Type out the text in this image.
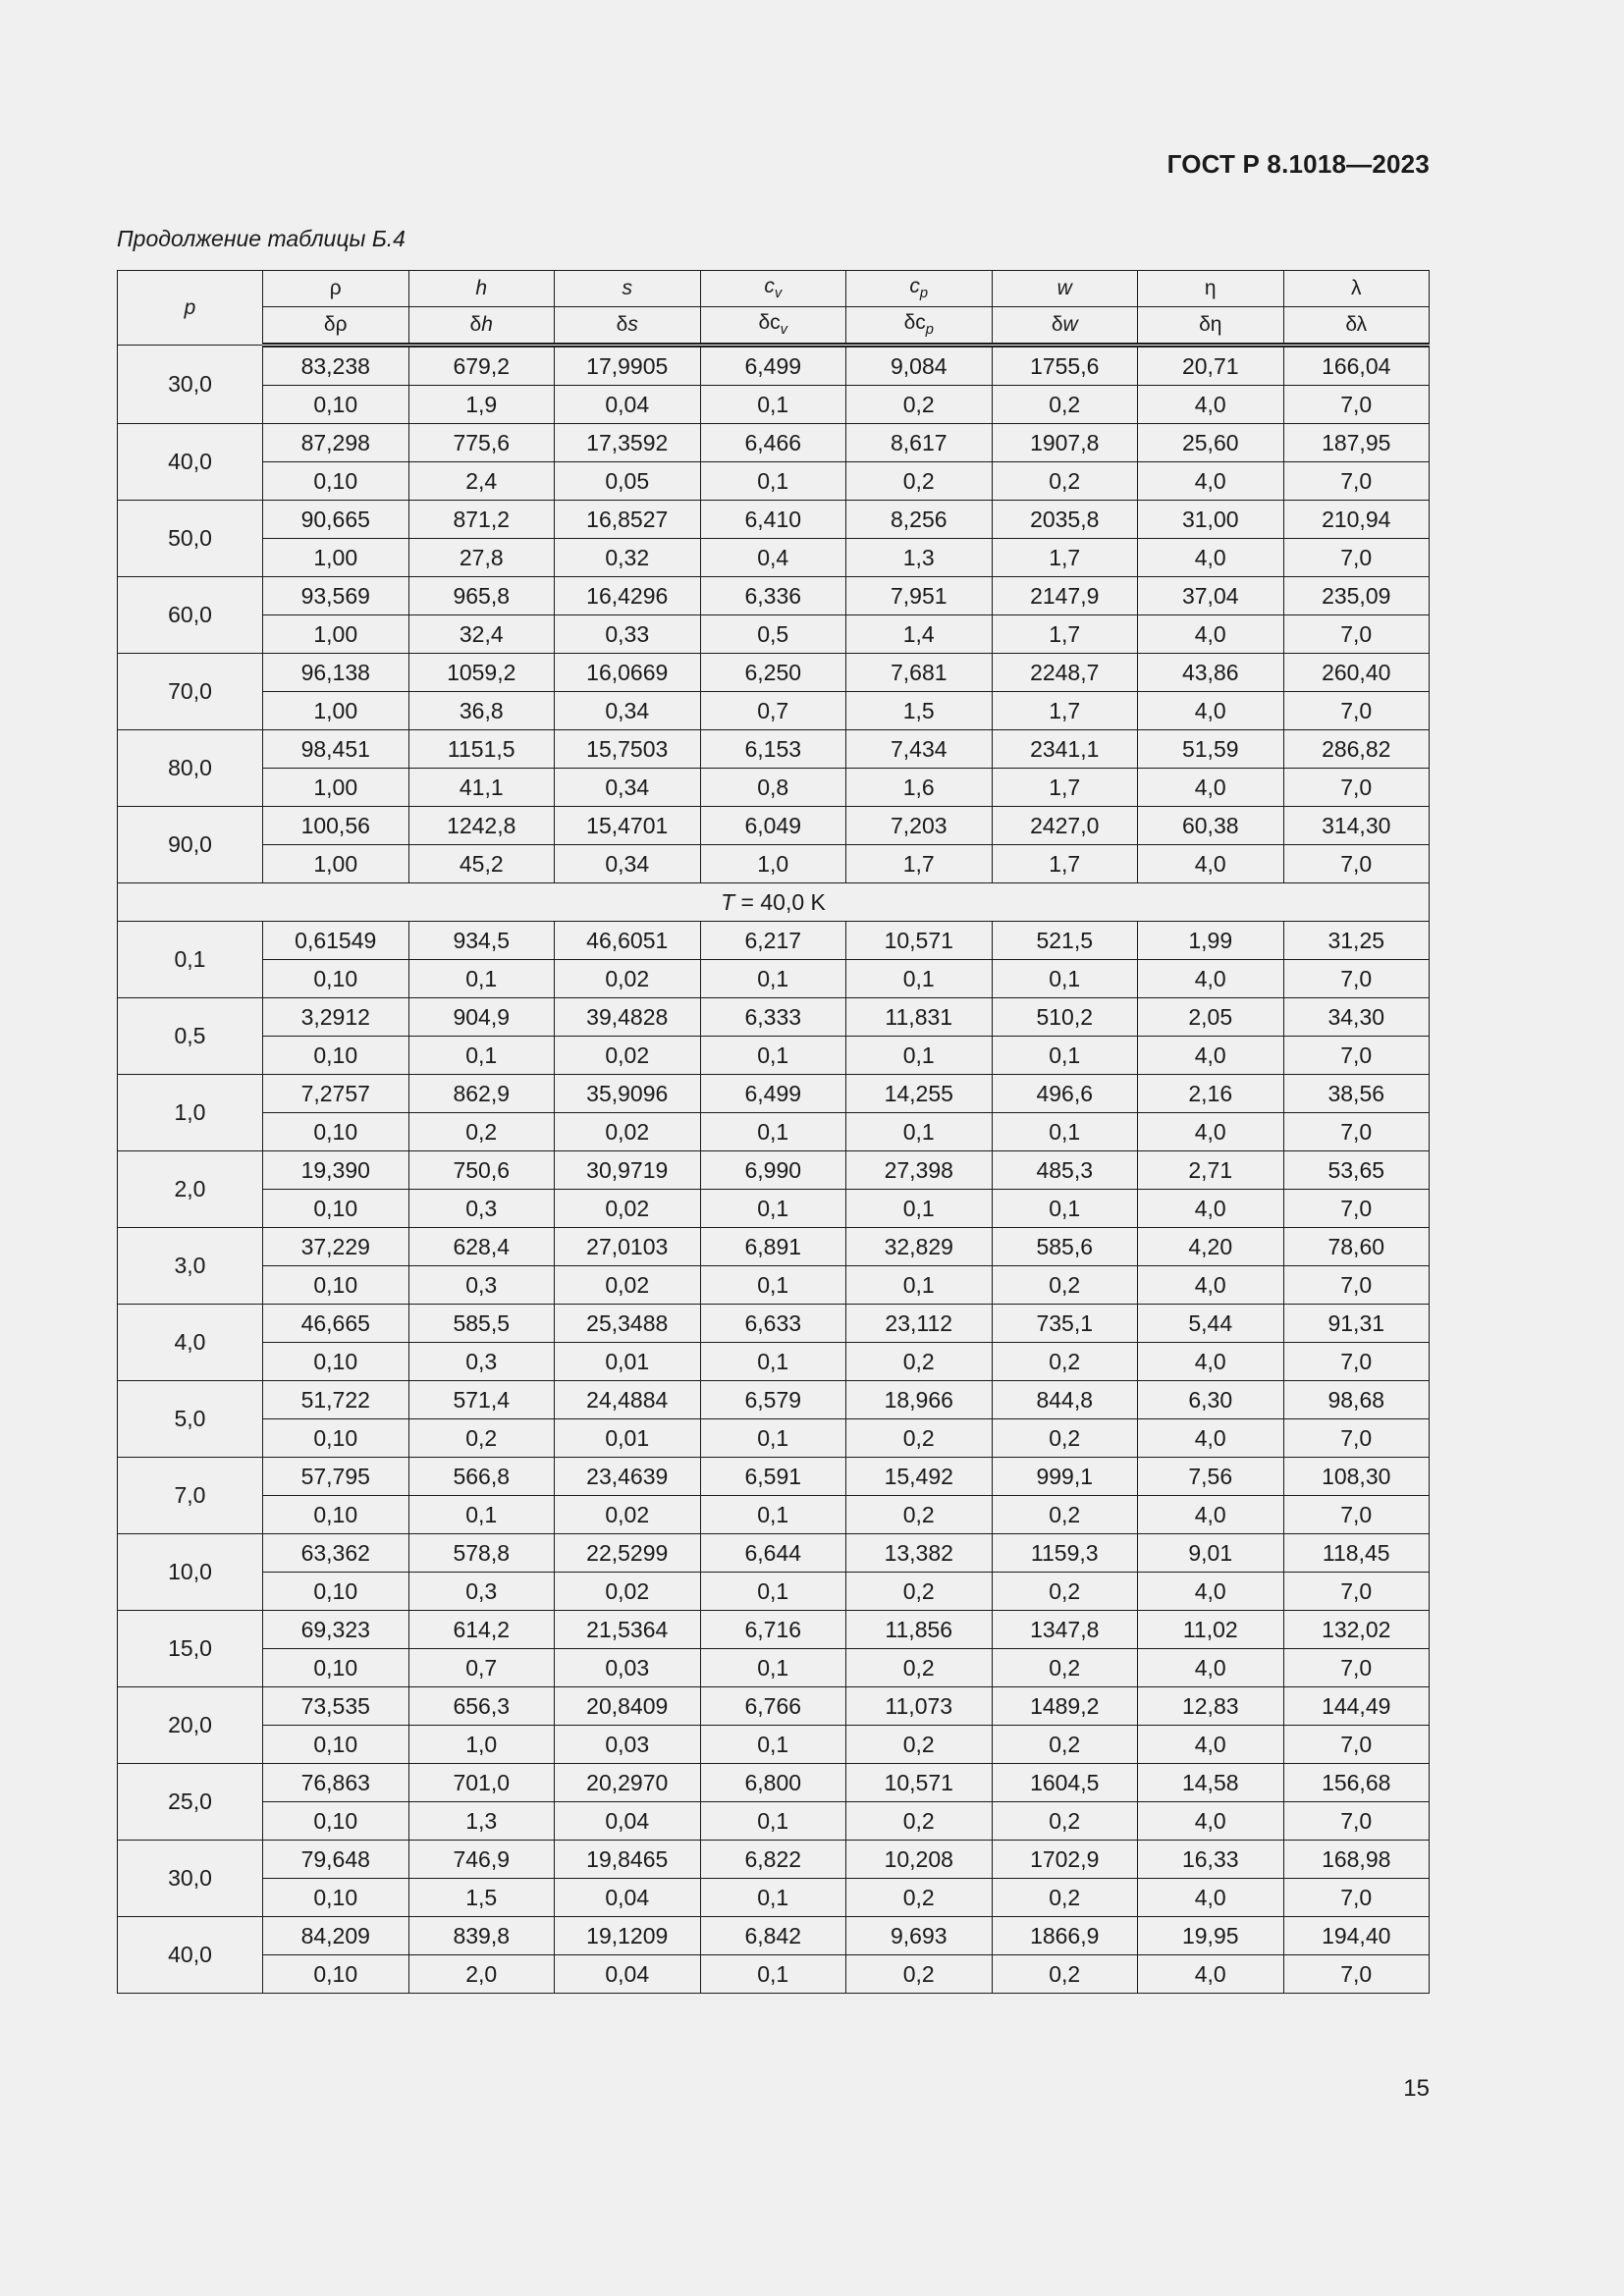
ГОСТ Р 8.1018—2023
Продолжение таблицы Б.4
p	ρ	h	s	$c_v$	$c_p$	w	η	λ
	δρ	δh	δs	$\delta c_v$	$\delta c_p$	δw	δη	δλ
30,0	83,238	679,2	17,9905	6,499	9,084	1755,6	20,71	166,04
	0,10	1,9	0,04	0,1	0,2	0,2	4,0	7,0
40,0	87,298	775,6	17,3592	6,466	8,617	1907,8	25,60	187,95
	0,10	2,4	0,05	0,1	0,2	0,2	4,0	7,0
50,0	90,665	871,2	16,8527	6,410	8,256	2035,8	31,00	210,94
	1,00	27,8	0,32	0,4	1,3	1,7	4,0	7,0
60,0	93,569	965,8	16,4296	6,336	7,951	2147,9	37,04	235,09
	1,00	32,4	0,33	0,5	1,4	1,7	4,0	7,0
70,0	96,138	1059,2	16,0669	6,250	7,681	2248,7	43,86	260,40
	1,00	36,8	0,34	0,7	1,5	1,7	4,0	7,0
80,0	98,451	1151,5	15,7503	6,153	7,434	2341,1	51,59	286,82
	1,00	41,1	0,34	0,8	1,6	1,7	4,0	7,0
90,0	100,56	1242,8	15,4701	6,049	7,203	2427,0	60,38	314,30
	1,00	45,2	0,34	1,0	1,7	1,7	4,0	7,0
T = 40,0 K								
0,1	0,61549	934,5	46,6051	6,217	10,571	521,5	1,99	31,25
	0,10	0,1	0,02	0,1	0,1	0,1	4,0	7,0
0,5	3,2912	904,9	39,4828	6,333	11,831	510,2	2,05	34,30
	0,10	0,1	0,02	0,1	0,1	0,1	4,0	7,0
1,0	7,2757	862,9	35,9096	6,499	14,255	496,6	2,16	38,56
	0,10	0,2	0,02	0,1	0,1	0,1	4,0	7,0
2,0	19,390	750,6	30,9719	6,990	27,398	485,3	2,71	53,65
	0,10	0,3	0,02	0,1	0,1	0,1	4,0	7,0
3,0	37,229	628,4	27,0103	6,891	32,829	585,6	4,20	78,60
	0,10	0,3	0,02	0,1	0,1	0,2	4,0	7,0
4,0	46,665	585,5	25,3488	6,633	23,112	735,1	5,44	91,31
	0,10	0,3	0,01	0,1	0,2	0,2	4,0	7,0
5,0	51,722	571,4	24,4884	6,579	18,966	844,8	6,30	98,68
	0,10	0,2	0,01	0,1	0,2	0,2	4,0	7,0
7,0	57,795	566,8	23,4639	6,591	15,492	999,1	7,56	108,30
	0,10	0,1	0,02	0,1	0,2	0,2	4,0	7,0
10,0	63,362	578,8	22,5299	6,644	13,382	1159,3	9,01	118,45
	0,10	0,3	0,02	0,1	0,2	0,2	4,0	7,0
15,0	69,323	614,2	21,5364	6,716	11,856	1347,8	11,02	132,02
	0,10	0,7	0,03	0,1	0,2	0,2	4,0	7,0
20,0	73,535	656,3	20,8409	6,766	11,073	1489,2	12,83	144,49
	0,10	1,0	0,03	0,1	0,2	0,2	4,0	7,0
25,0	76,863	701,0	20,2970	6,800	10,571	1604,5	14,58	156,68
	0,10	1,3	0,04	0,1	0,2	0,2	4,0	7,0
30,0	79,648	746,9	19,8465	6,822	10,208	1702,9	16,33	168,98
	0,10	1,5	0,04	0,1	0,2	0,2	4,0	7,0
40,0	84,209	839,8	19,1209	6,842	9,693	1866,9	19,95	194,40
	0,10	2,0	0,04	0,1	0,2	0,2	4,0	7,0
15
